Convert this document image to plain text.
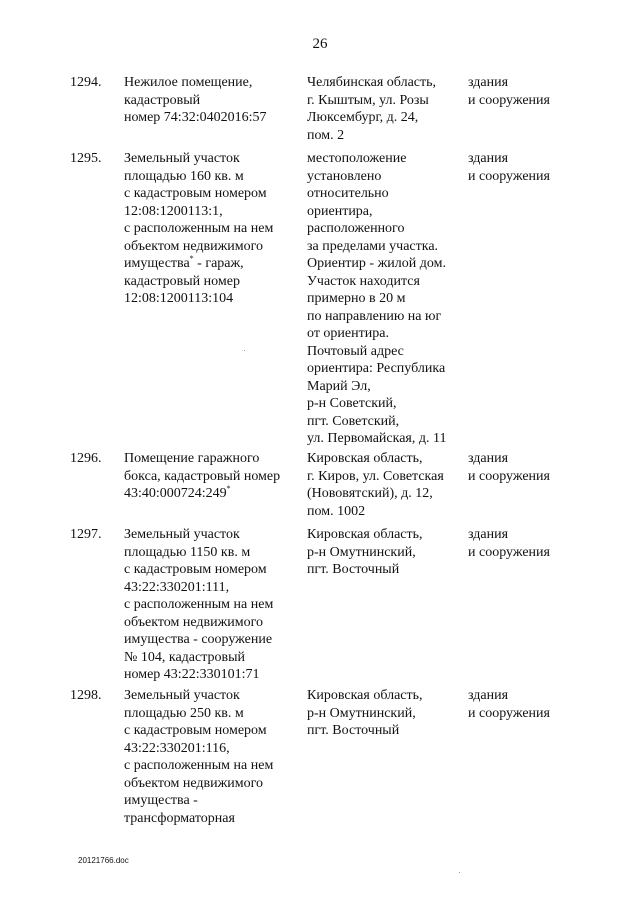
26
1294. Нежилое помещение,
кадастровый
номер 74:32:0402016:57
Челябинская область,
г. Кыштым, ул. Розы
Люксембург, д. 24,
пом. 2
здания
и сооружения
1295. Земельный участок
площадью 160 кв. м
с кадастровым номером
12:08:1200113:1,
с расположенным на нем
объектом недвижимого
имущества* - гараж,
кадастровый номер
12:08:1200113:104
местоположение
установлено
относительно
ориентира,
расположенного
за пределами участка.
Ориентир - жилой дом.
Участок находится
примерно в 20 м
по направлению на юг
от ориентира.
Почтовый адрес
ориентира: Республика
Марий Эл,
р-н Советский,
пгт. Советский,
ул. Первомайская, д. 11
здания
и сооружения
1296. Помещение гаражного
бокса, кадастровый номер
43:40:000724:249*
Кировская область,
г. Киров, ул. Советская
(Нововятский), д. 12,
пом. 1002
здания
и сооружения
1297. Земельный участок
площадью 1150 кв. м
с кадастровым номером
43:22:330201:111,
с расположенным на нем
объектом недвижимого
имущества - сооружение
№ 104, кадастровый
номер 43:22:330101:71
Кировская область,
р-н Омутнинский,
пгт. Восточный
здания
и сооружения
1298. Земельный участок
площадью 250 кв. м
с кадастровым номером
43:22:330201:116,
с расположенным на нем
объектом недвижимого
имущества -
трансформаторная
Кировская область,
р-н Омутнинский,
пгт. Восточный
здания
и сооружения
20121766.doc
